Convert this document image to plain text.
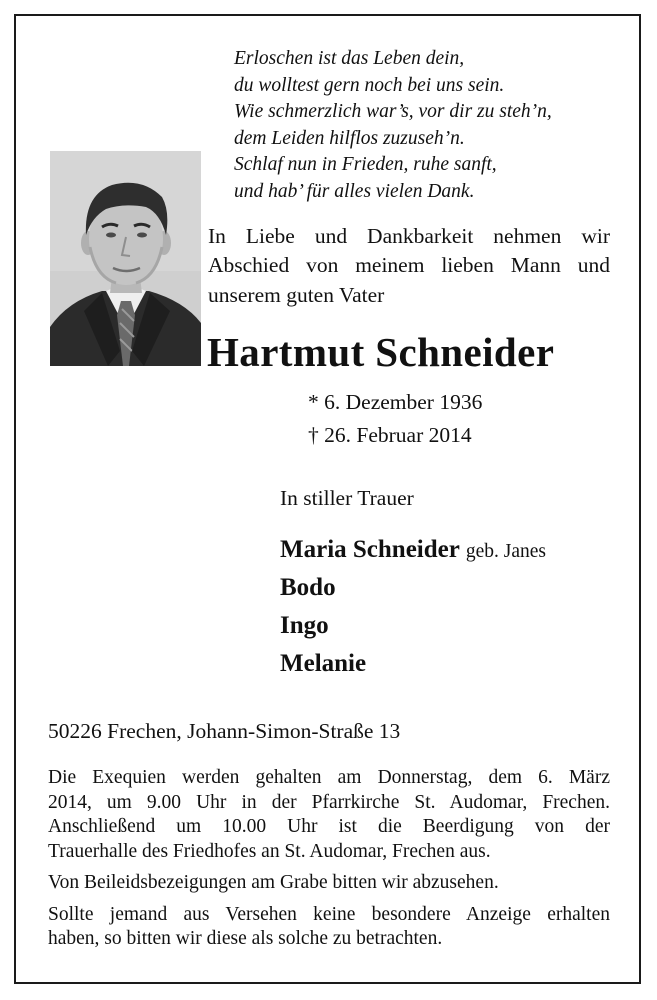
Erloschen ist das Leben dein,
du wolltest gern noch bei uns sein.
Wie schmerzlich war’s, vor dir zu steh’n,
dem Leiden hilflos zuzuseh’n.
Schlaf nun in Frieden, ruhe sanft,
und hab’ für alles vielen Dank.
In Liebe und Dankbarkeit nehmen wir
Abschied von meinem lieben Mann und
unserem guten Vater
Hartmut Schneider
* 6. Dezember 1936
† 26. Februar 2014
In stiller Trauer
Maria Schneider geb. Janes
Bodo
Ingo
Melanie
50226 Frechen, Johann-Simon-Straße 13

Die Exequien werden gehalten am Donnerstag, dem 6. März
2014, um 9.00 Uhr in der Pfarrkirche St. Audomar, Frechen.
Anschließend um 10.00 Uhr ist die Beerdigung von der
Trauerhalle des Friedhofes an St. Audomar, Frechen aus.

Von Beileidsbezeigungen am Grabe bitten wir abzusehen.

Sollte jemand aus Versehen keine besondere Anzeige erhalten
haben, so bitten wir diese als solche zu betrachten.
